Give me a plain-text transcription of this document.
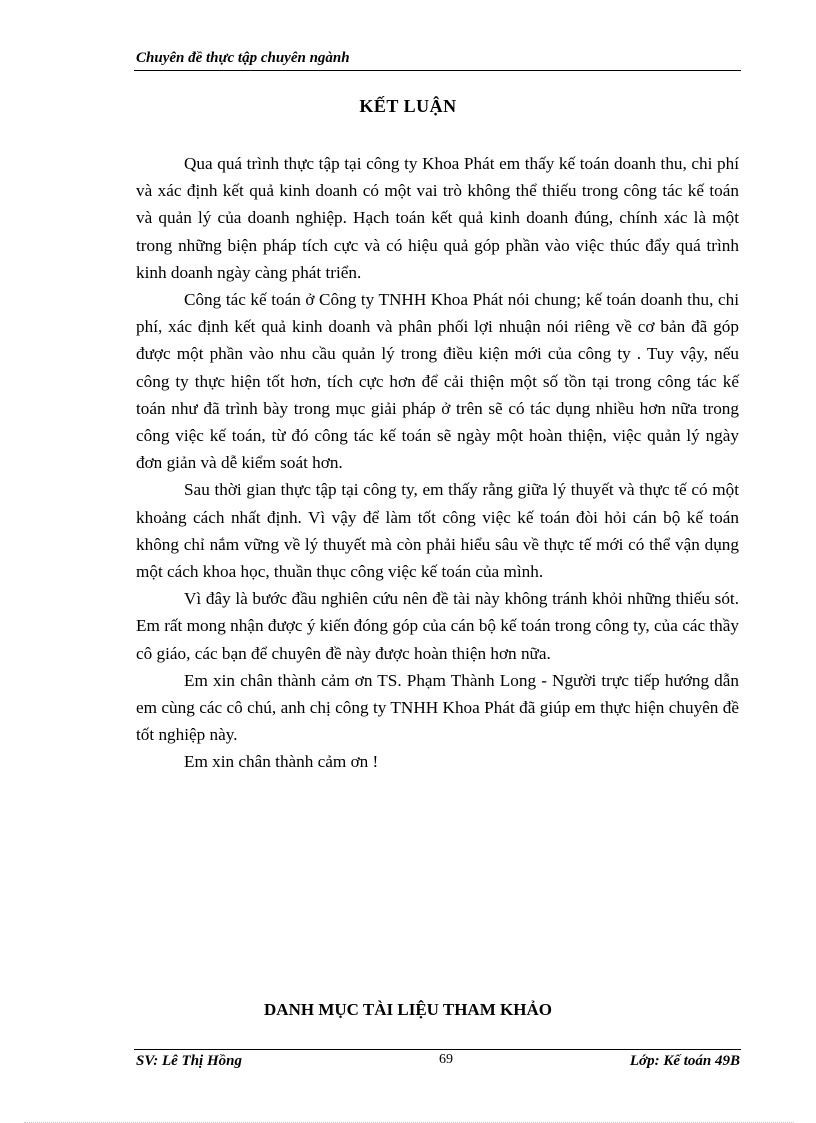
Chuyên đề thực tập chuyên ngành
KẾT LUẬN

Qua quá trình thực tập tại công ty Khoa Phát em thấy kế toán doanh thu, chi phí và xác định kết quả kinh doanh có một vai trò không thể thiếu trong công tác kế toán và quản lý của doanh nghiệp. Hạch toán kết quả kinh doanh đúng, chính xác là một trong những biện pháp tích cực và có hiệu quả góp phần vào việc thúc đẩy quá trình kinh doanh ngày càng phát triển.

Công tác kế toán ở Công ty TNHH Khoa Phát nói chung; kế toán doanh thu, chi phí, xác định kết quả kinh doanh và phân phối lợi nhuận nói riêng về cơ bản đã góp được một phần vào nhu cầu quản lý trong điều kiện mới của công ty . Tuy vậy, nếu công ty thực hiện tốt hơn, tích cực hơn để cải thiện một số tồn tại trong công tác kế toán như đã trình bày trong mục giải pháp ở trên sẽ có tác dụng nhiều hơn nữa trong công việc kế toán, từ đó công tác kế toán sẽ ngày một hoàn thiện, việc quản lý ngày đơn giản và dễ kiểm soát hơn.

Sau thời gian thực tập tại công ty, em thấy rằng giữa lý thuyết và thực tế có một khoảng cách nhất định. Vì vậy để làm tốt công việc kế toán đòi hỏi cán bộ kế toán không chỉ nắm vững về lý thuyết mà còn phải hiểu sâu về thực tế mới có thể vận dụng một cách khoa học, thuần thục công việc kế toán của mình.

Vì đây là bước đầu nghiên cứu nên đề tài này không tránh khỏi những thiếu sót. Em rất mong nhận được ý kiến đóng góp của cán bộ kế toán trong công ty, của các thầy cô giáo, các bạn để chuyên đề này được hoàn thiện hơn nữa.

Em xin chân thành cảm ơn TS. Phạm Thành Long - Người trực tiếp hướng dẫn em cùng các cô chú, anh chị công ty TNHH Khoa Phát đã giúp em thực hiện chuyên đề tốt nghiệp này.

Em xin chân thành cảm ơn !

DANH MỤC TÀI LIỆU THAM KHẢO
SV: Lê Thị Hồng	69	Lớp: Kế toán 49B
